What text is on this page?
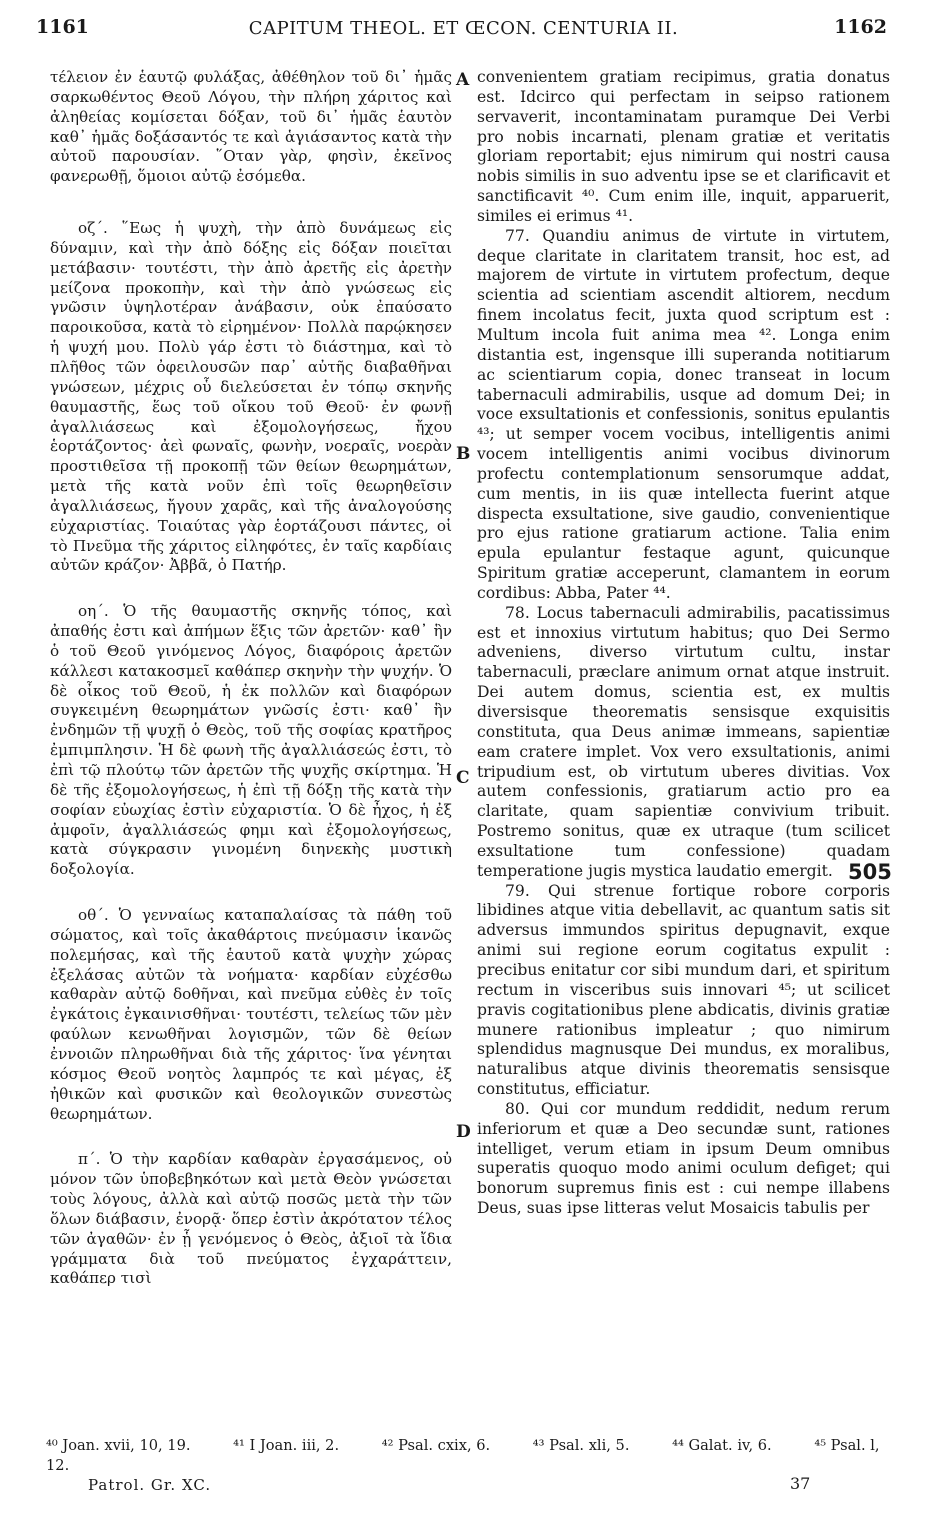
1161	CAPITUM THEOL. ET ŒCON. CENTURIA II.	1162

τέλειον ἐν ἑαυτῷ φυλάξας, ἀθέθηλον τοῦ δι᾽ ἡμᾶς σαρκωθέντος Θεοῦ Λόγου, τὴν πλήρη χάριτος καὶ ἀληθείας κομίσεται δόξαν, τοῦ δι᾽ ἡμᾶς ἑαυτὸν καθ᾽ ἡμᾶς δοξάσαντός τε καὶ ἁγιάσαντος κατὰ τὴν αὐτοῦ παρουσίαν. ῞Οταν γὰρ, φησὶν, ἐκεῖνος φανερωθῇ, ὅμοιοι αὐτῷ ἐσόμεθα.

οζ΄. ῞Εως ἡ ψυχὴ, τὴν ἀπὸ δυνάμεως εἰς δύναμιν, καὶ τὴν ἀπὸ δόξης εἰς δόξαν ποιεῖται μετάβασιν· τουτέστι, τὴν ἀπὸ ἀρετῆς εἰς ἀρετὴν μείζονα προκοπὴν, καὶ τὴν ἀπὸ γνώσεως εἰς γνῶσιν ὑψηλοτέραν ἀνάβασιν, οὐκ ἐπαύσατο παροικοῦσα, κατὰ τὸ εἰρημένον· Πολλὰ παρῴκησεν ἡ ψυχή μου. Πολὺ γάρ ἐστι τὸ διάστημα, καὶ τὸ πλῆθος τῶν ὀφειλουσῶν παρ᾽ αὐτῆς διαβαθῆναι γνώσεων, μέχρις οὗ διελεύσεται ἐν τόπῳ σκηνῆς θαυμαστῆς, ἕως τοῦ οἴκου τοῦ Θεοῦ· ἐν φωνῇ ἀγαλλιάσεως καὶ ἐξομολογήσεως, ἤχου ἑορτάζοντος· ἀεὶ φωναῖς, φωνὴν, νοεραῖς, νοερὰν προστιθεῖσα τῇ προκοπῇ τῶν θείων θεωρημάτων, μετὰ τῆς κατὰ νοῦν ἐπὶ τοῖς θεωρηθεῖσιν ἀγαλλιάσεως, ἤγουν χαρᾶς, καὶ τῆς ἀναλογούσης εὐχαριστίας. Τοιαύτας γὰρ ἑορτάζουσι πάντες, οἱ τὸ Πνεῦμα τῆς χάριτος εἰληφότες, ἐν ταῖς καρδίαις αὐτῶν κράζον· Ἀββᾶ, ὁ Πατήρ.

οη΄. Ὁ τῆς θαυμαστῆς σκηνῆς τόπος, καὶ ἀπαθής ἐστι καὶ ἀπήμων ἕξις τῶν ἀρετῶν· καθ᾽ ἣν ὁ τοῦ Θεοῦ γινόμενος Λόγος, διαφόροις ἀρετῶν κάλλεσι κατακοσμεῖ καθάπερ σκηνὴν τὴν ψυχήν. Ὁ δὲ οἶκος τοῦ Θεοῦ, ἡ ἐκ πολλῶν καὶ διαφόρων συγκειμένη θεωρημάτων γνῶσίς ἐστι· καθ᾽ ἣν ἐνδημῶν τῇ ψυχῇ ὁ Θεὸς, τοῦ τῆς σοφίας κρατῆρος ἐμπιμπλησιν. Ἡ δὲ φωνὴ τῆς ἀγαλλιάσεώς ἐστι, τὸ ἐπὶ τῷ πλούτῳ τῶν ἀρετῶν τῆς ψυχῆς σκίρτημα. Ἡ δὲ τῆς ἐξομολογήσεως, ἡ ἐπὶ τῇ δόξῃ τῆς κατὰ τὴν σοφίαν εὐωχίας ἐστὶν εὐχαριστία. Ὁ δὲ ἦχος, ἡ ἐξ ἀμφοῖν, ἀγαλλιάσεώς φημι καὶ ἐξομολογήσεως, κατὰ σύγκρασιν γινομένη διηνεκὴς μυστικὴ δοξολογία.

οθ΄. Ὁ γενναίως καταπαλαίσας τὰ πάθη τοῦ σώματος, καὶ τοῖς ἀκαθάρτοις πνεύμασιν ἱκανῶς πολεμήσας, καὶ τῆς ἑαυτοῦ κατὰ ψυχὴν χώρας ἐξελάσας αὐτῶν τὰ νοήματα· καρδίαν εὐχέσθω καθαρὰν αὐτῷ δοθῆναι, καὶ πνεῦμα εὐθὲς ἐν τοῖς ἐγκάτοις ἐγκαινισθῆναι· τουτέστι, τελείως τῶν μὲν φαύλων κενωθῆναι λογισμῶν, τῶν δὲ θείων ἐννοιῶν πληρωθῆναι διὰ τῆς χάριτος· ἵνα γένηται κόσμος Θεοῦ νοητὸς λαμπρός τε καὶ μέγας, ἐξ ἠθικῶν καὶ φυσικῶν καὶ θεολογικῶν συνεστὼς θεωρημάτων.

π΄. Ὁ τὴν καρδίαν καθαρὰν ἐργασάμενος, οὐ μόνον τῶν ὑποβεβηκότων καὶ μετὰ Θεὸν γνώσεται τοὺς λόγους, ἀλλὰ καὶ αὐτῷ ποσῶς μετὰ τὴν τῶν ὅλων διάβασιν, ἐνορᾷ· ὅπερ ἐστὶν ἀκρότατον τέλος τῶν ἀγαθῶν· ἐν ᾗ γενόμενος ὁ Θεὸς, ἀξιοῖ τὰ ἴδια γράμματα διὰ τοῦ πνεύματος ἐγχαράττειν, καθάπερ τισὶ

A
B
C
D

convenientem gratiam recipimus, gratia donatus est. Idcirco qui perfectam in seipso rationem servaverit, incontaminatam puramque Dei Verbi pro nobis incarnati, plenam gratiæ et veritatis gloriam reportabit; ejus nimirum qui nostri causa nobis similis in suo adventu ipse se et clarificavit et sanctificavit ⁴⁰. Cum enim ille, inquit, apparuerit, similes ei erimus ⁴¹.

77. Quandiu animus de virtute in virtutem, deque claritate in claritatem transit, hoc est, ad majorem de virtute in virtutem profectum, deque scientia ad scientiam ascendit altiorem, necdum finem incolatus fecit, juxta quod scriptum est : Multum incola fuit anima mea ⁴². Longa enim distantia est, ingensque illi superanda notitiarum ac scientiarum copia, donec transeat in locum tabernaculi admirabilis, usque ad domum Dei; in voce exsultationis et confessionis, sonitus epulantis ⁴³; ut semper vocem vocibus, intelligentis animi vocem intelligentis animi vocibus divinorum profectu contemplationum sensorumque addat, cum mentis, in iis quæ intellecta fuerint atque dispecta exsultatione, sive gaudio, convenientique pro ejus ratione gratiarum actione. Talia enim epula epulantur festaque agunt, quicunque Spiritum gratiæ acceperunt, clamantem in eorum cordibus: Abba, Pater ⁴⁴.

78. Locus tabernaculi admirabilis, pacatissimus est et innoxius virtutum habitus; quo Dei Sermo adveniens, diverso virtutum cultu, instar tabernaculi, præclare animum ornat atque instruit. Dei autem domus, scientia est, ex multis diversisque theorematis sensisque exquisitis constituta, qua Deus animæ immeans, sapientiæ eam cratere implet. Vox vero exsultationis, animi tripudium est, ob virtutum uberes divitias. Vox autem confessionis, gratiarum actio pro ea claritate, quam sapientiæ convivium tribuit. Postremo sonitus, quæ ex utraque (tum scilicet exsultatione tum confessione) quadam temperatione jugis mystica laudatio emergit.

79. Qui strenue fortique robore corporis libidines atque vitia debellavit, ac quantum satis sit adversus immundos spiritus depugnavit, exque animi sui regione eorum cogitatus expulit : precibus enitatur cor sibi mundum dari, et spiritum rectum in visceribus suis innovari ⁴⁵; ut scilicet pravis cogitationibus plene abdicatis, divinis gratiæ munere rationibus impleatur ; quo nimirum splendidus magnusque Dei mundus, ex moralibus, naturalibus atque divinis theorematis sensisque constitutus, efficiatur.

80. Qui cor mundum reddidit, nedum rerum inferiorum et quæ a Deo secundæ sunt, rationes intelliget, verum etiam in ipsum Deum omnibus superatis quoquo modo animi oculum defiget; qui bonorum supremus finis est : cui nempe illabens Deus, suas ipse litteras velut Mosaicis tabulis per

505
⁴⁰ Joan. xvii, 10, 19.	⁴¹ I Joan. iii, 2.	⁴² Psal. cxix, 6.	⁴³ Psal. xli, 5.	⁴⁴ Galat. iv, 6.	⁴⁵ Psal. l, 12.
Patrol. Gr. XC.	37
